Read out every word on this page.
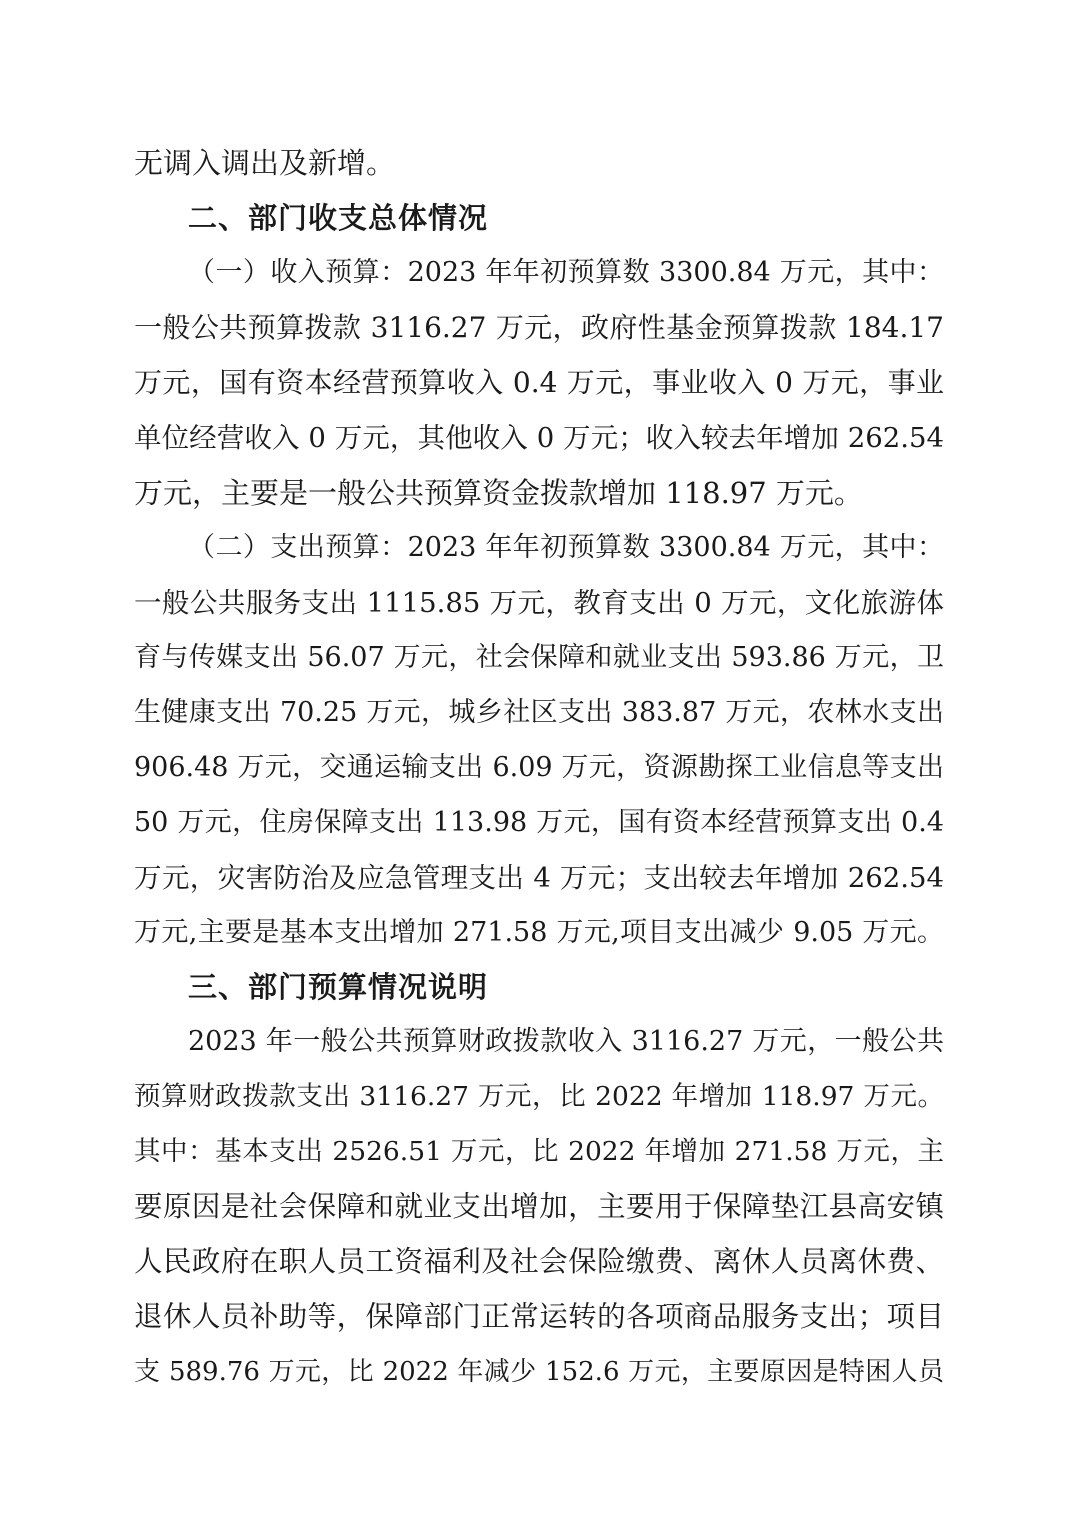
无调入调出及新增。
二、部门收支总体情况
（一）收入预算：2023 年年初预算数 3300.84 万元，其中：
一般公共预算拨款 3116.27 万元，政府性基金预算拨款 184.17
万元，国有资本经营预算收入 0.4 万元，事业收入 0 万元，事业
单位经营收入 0 万元，其他收入 0 万元；收入较去年增加 262.54
万元，主要是一般公共预算资金拨款增加 118.97 万元。
（二）支出预算：2023 年年初预算数 3300.84 万元，其中：
一般公共服务支出 1115.85 万元，教育支出 0 万元，文化旅游体
育与传媒支出 56.07 万元，社会保障和就业支出 593.86 万元，卫
生健康支出 70.25 万元，城乡社区支出 383.87 万元，农林水支出
906.48 万元，交通运输支出 6.09 万元，资源勘探工业信息等支出
50 万元，住房保障支出 113.98 万元，国有资本经营预算支出 0.4
万元，灾害防治及应急管理支出 4 万元；支出较去年增加 262.54
万元,主要是基本支出增加 271.58 万元,项目支出减少 9.05 万元。
三、部门预算情况说明
2023 年一般公共预算财政拨款收入 3116.27 万元，一般公共
预算财政拨款支出 3116.27 万元，比 2022 年增加 118.97 万元。
其中：基本支出 2526.51 万元，比 2022 年增加 271.58 万元，主
要原因是社会保障和就业支出增加，主要用于保障垫江县高安镇
人民政府在职人员工资福利及社会保险缴费、离休人员离休费、
退休人员补助等，保障部门正常运转的各项商品服务支出；项目
支 589.76 万元，比 2022 年减少 152.6 万元，主要原因是特困人员
